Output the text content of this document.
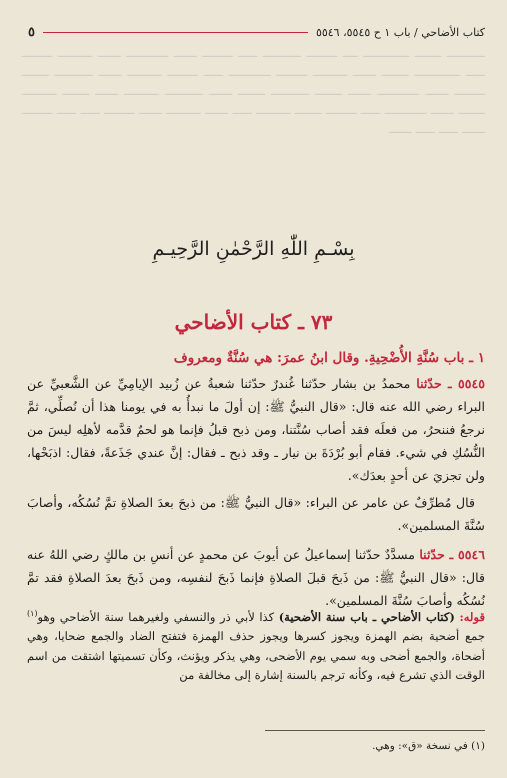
ــــــــــ ـــــــ ــــــــــــ ــــ ــــــــ ــــــــــ ـــــ ــــــــ ــــــ ـــــــــــ ــــــ ـــــــــ ــــــــ ـــــ ــــــــــــ ـــــــ ــــــ ـــــــــ ــــــــ ـــــــــــ ـــــ ــــــــ ـــــــــ ــــــ ــــــــــ ـــــــ ــــــــ ــــــ ـــــــــــ ــــــ ـــــــ ــــــــــ ـــــــ ــــــ ــــــــــ ـــــــــ ــــــ ـــــــ ـــــــــ ـــــــ ــــــ ـــــــــــ ـــــ ــــــــ ـــــــ ـــــــــ ـــــ ــــــ ـــــــــ ــــــ ــــــــ ـــــ ـــــ ــــــــ ــــــ ـــــ ـــــ ــــــ
كتاب الأضاحي / باب ١ ح ٥٥٤٥، ٥٥٤٦
٥
بِسْـمِ اللّٰهِ الرَّحْمٰنِ الرَّحِيـمِ
٧٣ ـ كتاب الأضاحي

١ ـ باب سُنَّةِ الأُضْحِيةِ. وقال ابنُ عمرَ: هي سُنَّةٌ ومعروف

٥٥٤٥ ـ حدّثنا محمدُ بن بشار حدّثنا غُندرٌ حدّثنا شعبةُ عن زُبيد الإيامِيِّ عن الشَّعبيِّ عن البراء رضي الله عنه قال: «قال النبيُّ ﷺ: إن أولَ ما نبدأُ به في يومنا هذا أن نُصلِّي، ثمَّ نرجعُ فننحرُ، من فعلَه فقد أصاب سُنَّتنا، ومن ذبح قبلُ فإنما هو لحمٌ قدَّمه لأهلِه ليسَ من النُّسُكِ في شيء. فقام أبو بُرْدَةَ بن نيار ـ وقد ذبح ـ فقال: إنَّ عندي جَذَعةً، فقال: اذبَحْها، ولن تجزيَ عن أحدٍ بعدَك».

قال مُطرِّفٌ عن عامر عن البراء: «قال النبيُّ ﷺ: من ذبحَ بعدَ الصلاةِ تمَّ نُسُكُه، وأصابَ سُنَّةَ المسلمين».

٥٥٤٦ ـ حدّثنا مسدَّدٌ حدّثنا إسماعيلُ عن أيوبَ عن محمدٍ عن أنسِ بن مالكٍ رضي اللهُ عنه قال: «قال النبيُّ ﷺ: من ذَبحَ قبلَ الصلاةِ فإنما ذَبحَ لنفسِه، ومن ذَبحَ بعدَ الصلاةِ فقد تمَّ نُسُكُه وأصابَ سُنَّةَ المسلمين».

قوله: (كتاب الأضاحي ـ باب سنة الأضحية) كذا لأبي ذر والنسفي ولغيرهما سنة الأضاحي وهو$^{(١)}$ جمع أضحية بضم الهمزة ويجوز كسرها ويجوز حذف الهمزة فتفتح الضاد والجمع ضحايا، وهي أضحاة، والجمع أضحى وبه سمي يوم الأضحى، وهي يذكر ويؤنث، وكأن تسميتها اشتقت من اسم الوقت الذي تشرع فيه، وكأنه ترجم بالسنة إشارة إلى مخالفة من

(١) في نسخة «ق»: وهي.
